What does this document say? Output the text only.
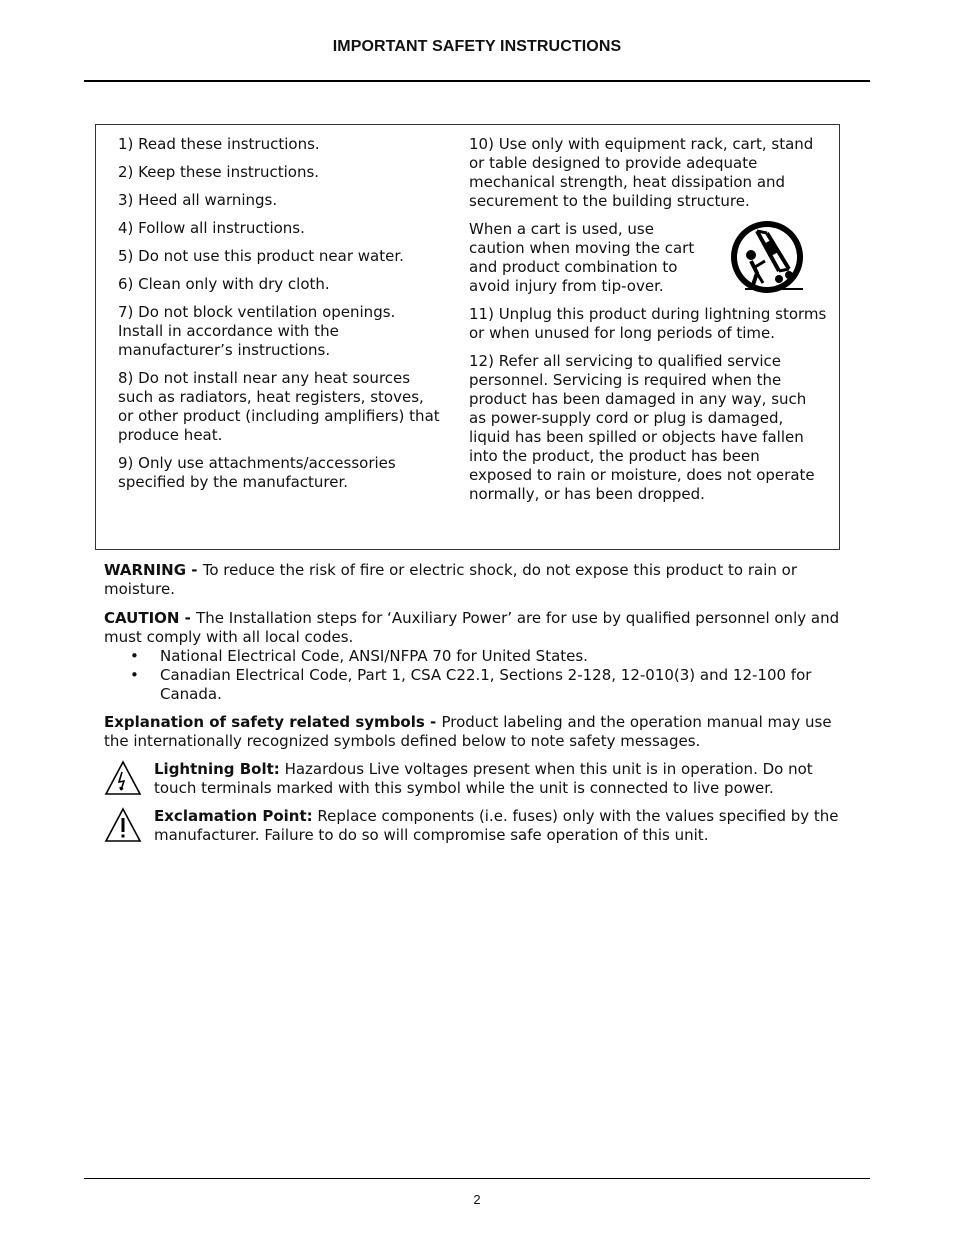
IMPORTANT SAFETY INSTRUCTIONS

1) Read these instructions.

2) Keep these instructions.

3) Heed all warnings.

4) Follow all instructions.

5) Do not use this product near water.

6) Clean only with dry cloth.

7) Do not block ventilation openings. Install in accordance with the manufacturer’s instructions.

8) Do not install near any heat sources such as radiators, heat registers, stoves, or other product (including amplifiers) that produce heat.

9) Only use attachments/accessories specified by the manufacturer.

10) Use only with equipment rack, cart, stand or table designed to provide adequate mechanical strength, heat dissipation and securement to the building structure.

When a cart is used, use caution when moving the cart and product combination to avoid injury from tip-over.

11) Unplug this product during lightning storms or when unused for long periods of time.

12) Refer all servicing to qualified service personnel. Servicing is required when the product has been damaged in any way, such as power-supply cord or plug is damaged, liquid has been spilled or objects have fallen into the product, the product has been exposed to rain or moisture, does not operate normally, or has been dropped.

WARNING - To reduce the risk of fire or electric shock, do not expose this product to rain or moisture.

CAUTION - The Installation steps for ‘Auxiliary Power’ are for use by qualified personnel only and must comply with all local codes.

• National Electrical Code, ANSI/NFPA 70 for United States.
• Canadian Electrical Code, Part 1, CSA C22.1, Sections 2-128, 12-010(3) and 12-100 for Canada.

Explanation of safety related symbols - Product labeling and the operation manual may use the internationally recognized symbols defined below to note safety messages.

Lightning Bolt: Hazardous Live voltages present when this unit is in operation. Do not touch terminals marked with this symbol while the unit is connected to live power.
Exclamation Point: Replace components (i.e. fuses) only with the values specified by the manufacturer. Failure to do so will compromise safe operation of this unit.
2
